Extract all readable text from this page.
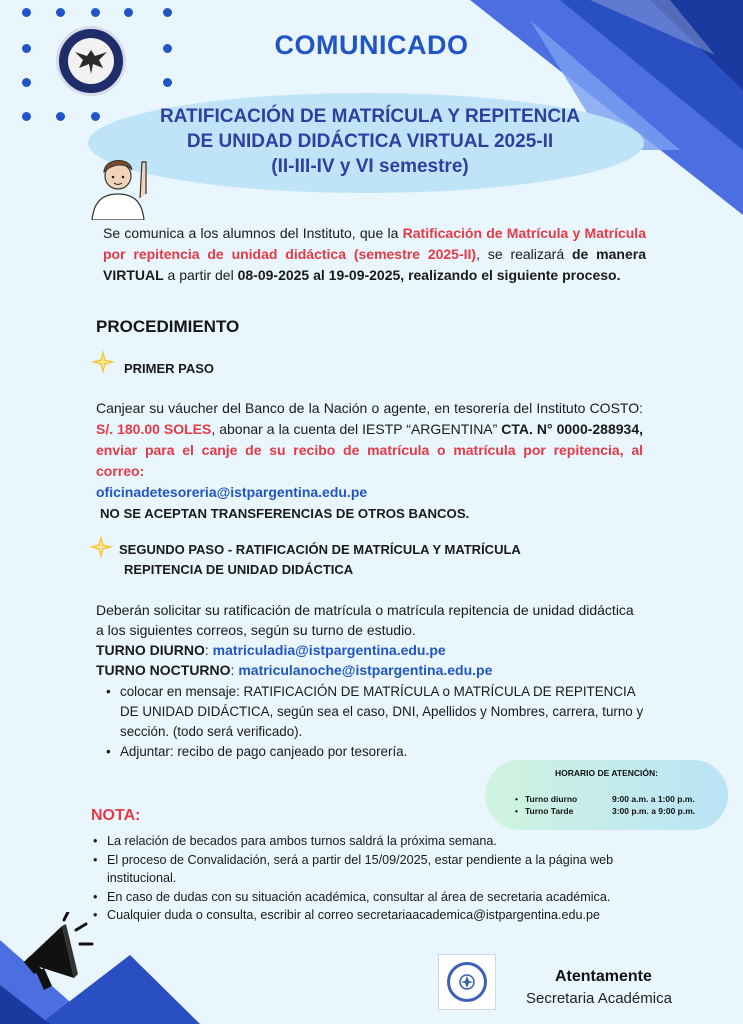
COMUNICADO
RATIFICACIÓN DE MATRÍCULA Y REPITENCIA
DE UNIDAD DIDÁCTICA VIRTUAL 2025-II
(II-III-IV y VI semestre)
Se comunica a los alumnos del Instituto, que la Ratificación de Matrícula y Matrícula por repitencia de unidad didáctica (semestre 2025-II), se realizará de manera VIRTUAL a partir del 08-09-2025 al 19-09-2025, realizando el siguiente proceso.
PROCEDIMIENTO
PRIMER PASO
Canjear su váucher del Banco de la Nación o agente, en tesorería del Instituto COSTO: S/. 180.00 SOLES, abonar a la cuenta del IESTP “ARGENTINA” CTA. N° 0000-288934, enviar para el canje de su recibo de matrícula o matrícula por repitencia, al correo:
oficinadetesoreria@istpargentina.edu.pe
NO SE ACEPTAN TRANSFERENCIAS DE OTROS BANCOS.
SEGUNDO PASO - RATIFICACIÓN DE MATRÍCULA Y MATRÍCULA
REPITENCIA DE UNIDAD DIDÁCTICA
Deberán solicitar su ratificación de matrícula o matrícula repitencia de unidad didáctica a los siguientes correos, según su turno de estudio.
TURNO DIURNO: matriculadia@istpargentina.edu.pe
TURNO NOCTURNO: matriculanoche@istpargentina.edu.pe
• colocar en mensaje: RATIFICACIÓN DE MATRÍCULA o MATRÍCULA DE REPITENCIA DE UNIDAD DIDÁCTICA, según sea el caso, DNI, Apellidos y Nombres, carrera, turno y sección. (todo será verificado).
• Adjuntar: recibo de pago canjeado por tesorería.
HORARIO DE ATENCIÓN:
• Turno diurno	9:00 a.m. a 1:00 p.m.
• Turno Tarde	3:00 p.m. a 9:00 p.m.
NOTA:
• La relación de becados para ambos turnos saldrá la próxima semana.
• El proceso de Convalidación, será a partir del 15/09/2025, estar pendiente a la página web institucional.
• En caso de dudas con su situación académica, consultar al área de secretaria académica.
• Cualquier duda o consulta, escribir al correo secretariaacademica@istpargentina.edu.pe
Atentamente
Secretaria Académica
